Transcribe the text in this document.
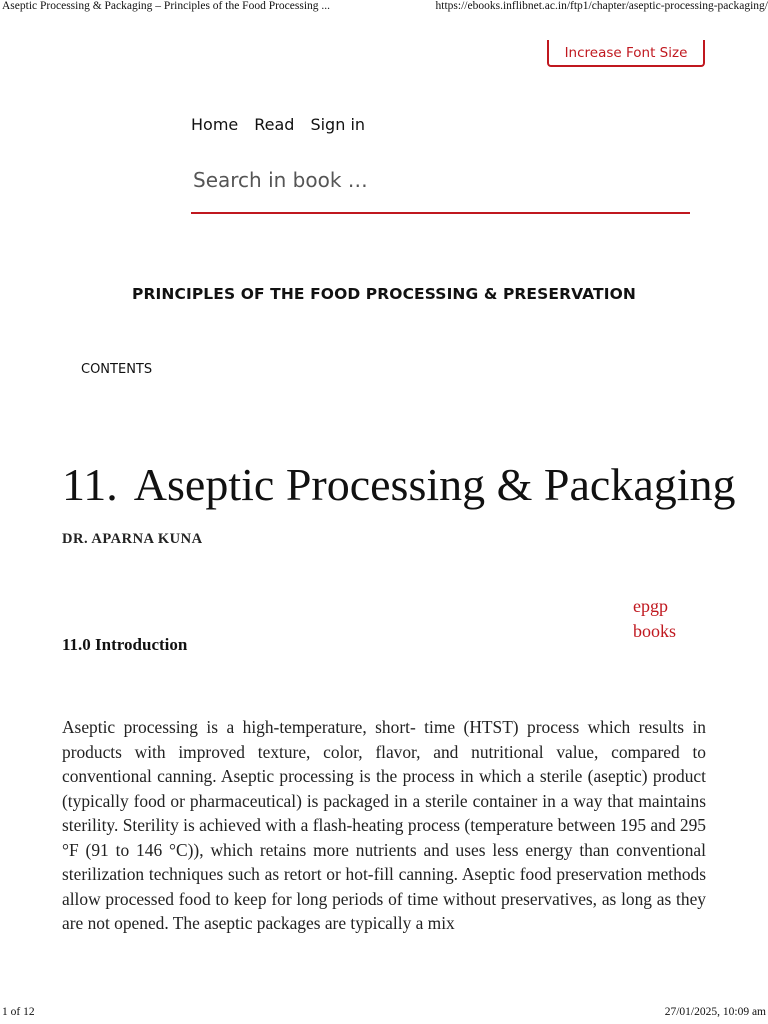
Aseptic Processing & Packaging – Principles of the Food Processing ...	https://ebooks.inflibnet.ac.in/ftp1/chapter/aseptic-processing-packaging/
Increase Font Size
Home Read Sign in
Search in book …
PRINCIPLES OF THE FOOD PROCESSING & PRESERVATION
CONTENTS
11. Aseptic Processing & Packaging
DR. APARNA KUNA
epgp
books
11.0 Introduction

Aseptic processing is a high-temperature, short- time (HTST) process which results in products with improved texture, color, flavor, and nutritional value, compared to conventional canning. Aseptic processing is the process in which a sterile (aseptic) product (typically food or pharmaceutical) is packaged in a sterile container in a way that maintains sterility. Sterility is achieved with a flash-heating process (temperature between 195 and 295 °F (91 to 146 °C)), which retains more nutrients and uses less energy than conventional sterilization techniques such as retort or hot-fill canning. Aseptic food preservation methods allow processed food to keep for long periods of time without preservatives, as long as they are not opened. The aseptic packages are typically a mix

1 of 12	27/01/2025, 10:09 am
